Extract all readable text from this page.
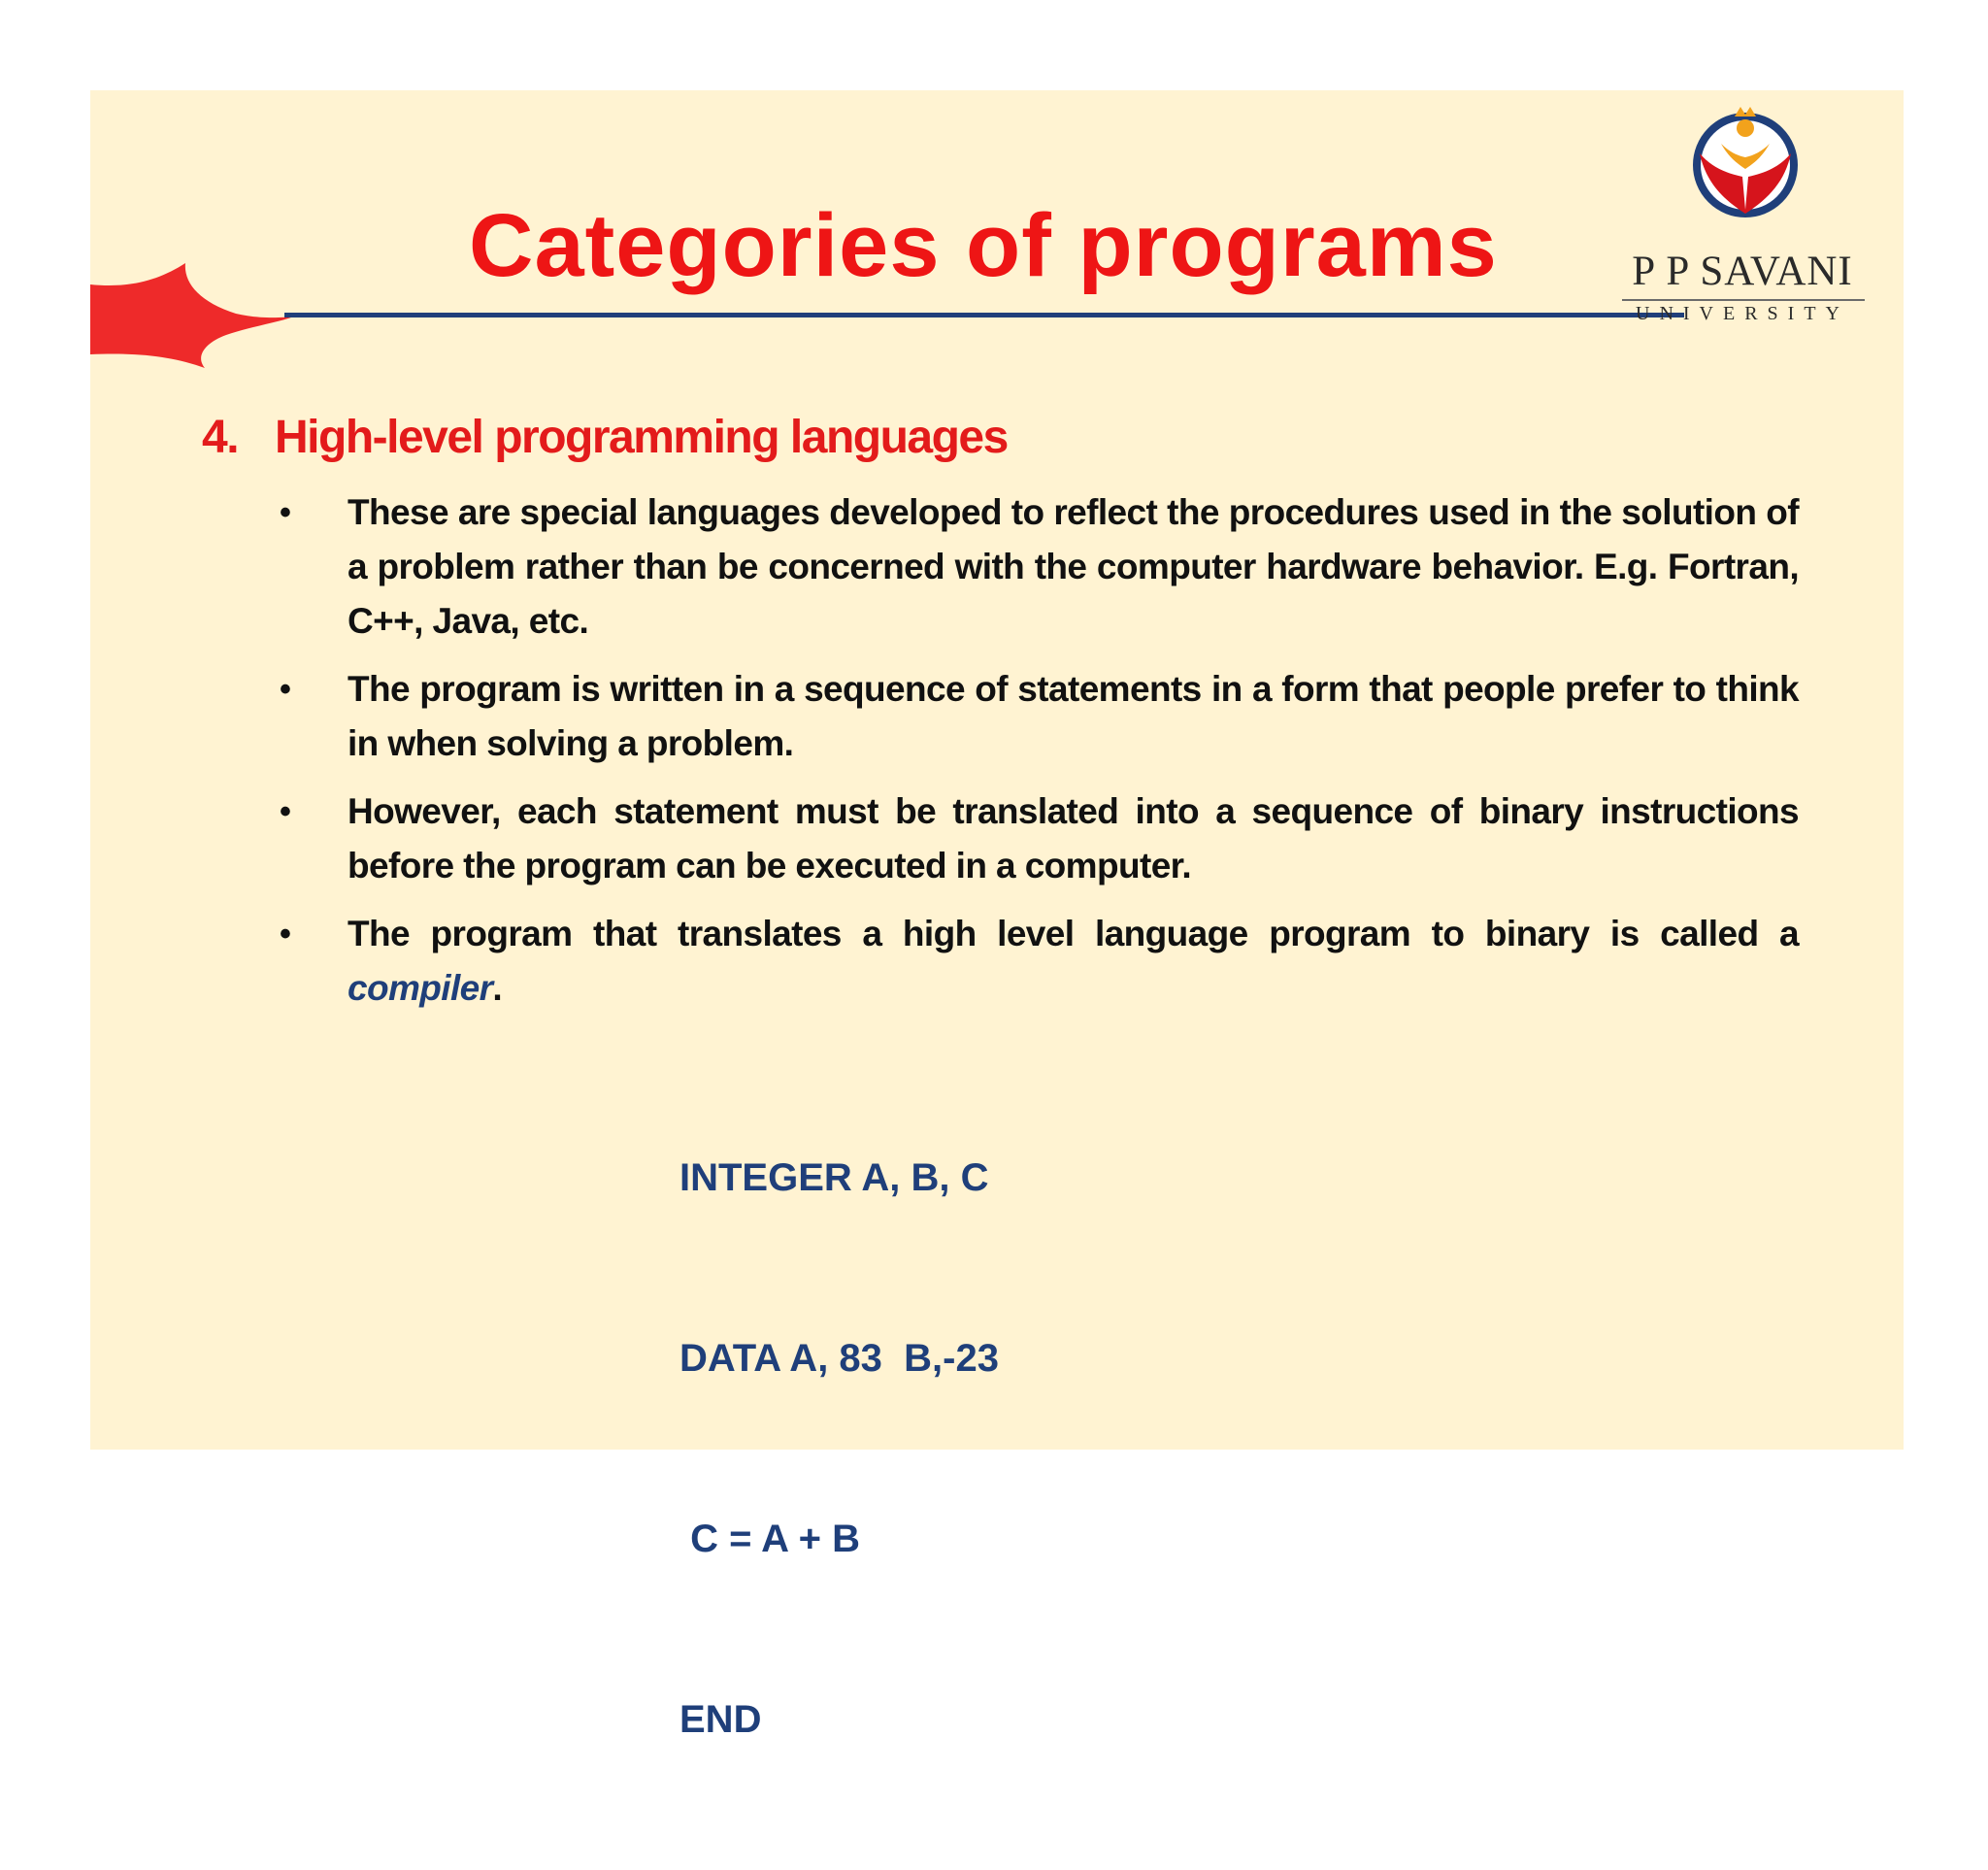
Categories of programs
★	★
P P SAVANI
UNIVERSITY
4. High-level programming languages
• These are special languages developed to reflect the procedures used in the solution of a problem rather than be concerned with the computer hardware behavior. E.g. Fortran, C++, Java, etc.
• The program is written in a sequence of statements in a form that people prefer to think in when solving a problem.
• However, each statement must be translated into a sequence of binary instructions before the program can be executed in a computer.
• The program that translates a high level language program to binary is called a compiler.

INTEGER A, B, C

DATA A, 83  B,-23

C = A + B

END
